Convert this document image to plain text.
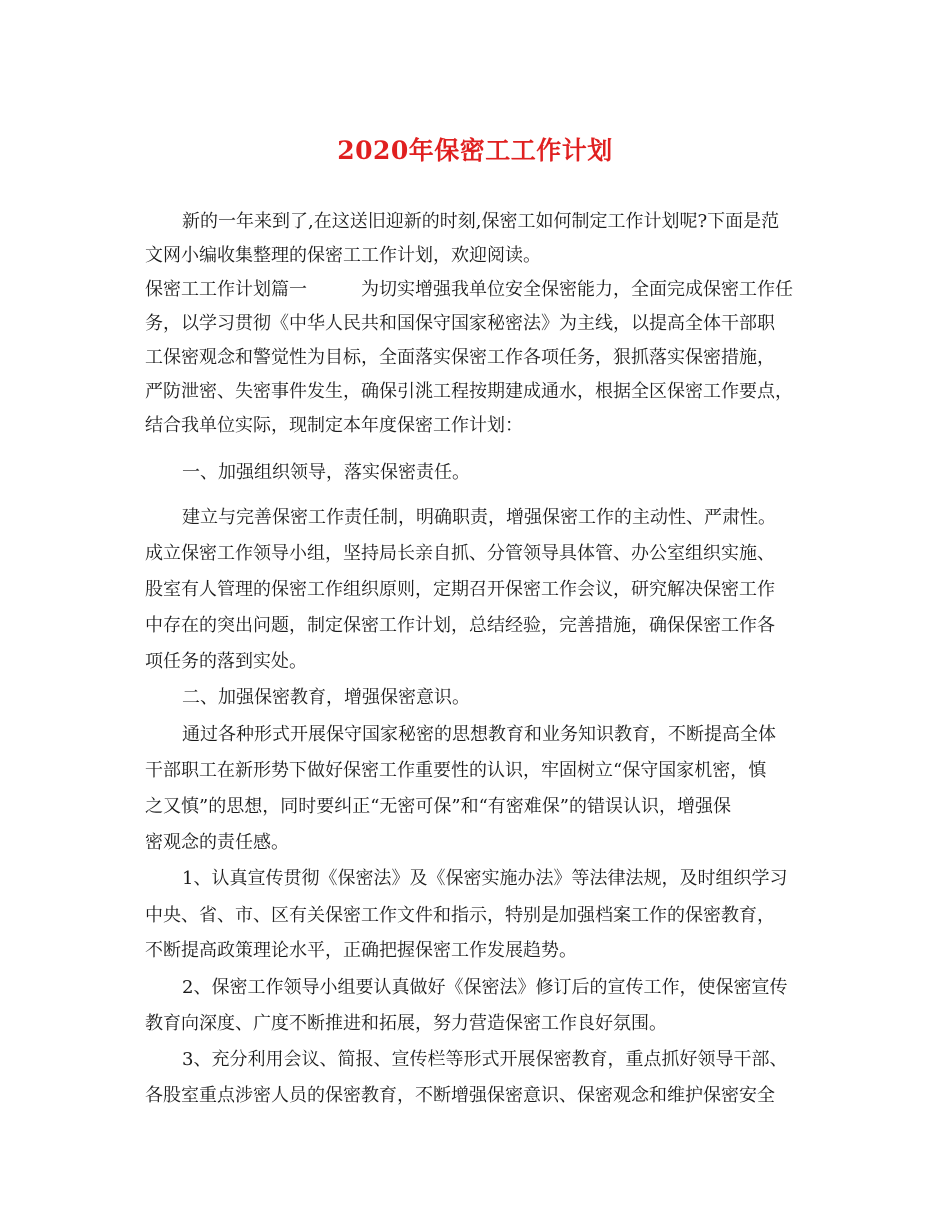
2020年保密工工作计划
新的一年来到了,在这送旧迎新的时刻,保密工如何制定工作计划呢?下面是范
文网小编收集整理的保密工工作计划，欢迎阅读。
保密工工作计划篇一　　　为切实增强我单位安全保密能力，全面完成保密工作任
务，以学习贯彻《中华人民共和国保守国家秘密法》为主线，以提高全体干部职
工保密观念和警觉性为目标，全面落实保密工作各项任务，狠抓落实保密措施，
严防泄密、失密事件发生，确保引洮工程按期建成通水，根据全区保密工作要点，
结合我单位实际，现制定本年度保密工作计划：
一、加强组织领导，落实保密责任。
建立与完善保密工作责任制，明确职责，增强保密工作的主动性、严肃性。
成立保密工作领导小组，坚持局长亲自抓、分管领导具体管、办公室组织实施、
股室有人管理的保密工作组织原则，定期召开保密工作会议，研究解决保密工作
中存在的突出问题，制定保密工作计划，总结经验，完善措施，确保保密工作各
项任务的落到实处。
二、加强保密教育，增强保密意识。
通过各种形式开展保守国家秘密的思想教育和业务知识教育，不断提高全体
干部职工在新形势下做好保密工作重要性的认识，牢固树立“保守国家机密，慎
之又慎”的思想，同时要纠正“无密可保”和“有密难保”的错误认识，增强保
密观念的责任感。
1、认真宣传贯彻《保密法》及《保密实施办法》等法律法规，及时组织学习
中央、省、市、区有关保密工作文件和指示，特别是加强档案工作的保密教育，
不断提高政策理论水平，正确把握保密工作发展趋势。
2、保密工作领导小组要认真做好《保密法》修订后的宣传工作，使保密宣传
教育向深度、广度不断推进和拓展，努力营造保密工作良好氛围。
3、充分利用会议、简报、宣传栏等形式开展保密教育，重点抓好领导干部、
各股室重点涉密人员的保密教育，不断增强保密意识、保密观念和维护保密安全
